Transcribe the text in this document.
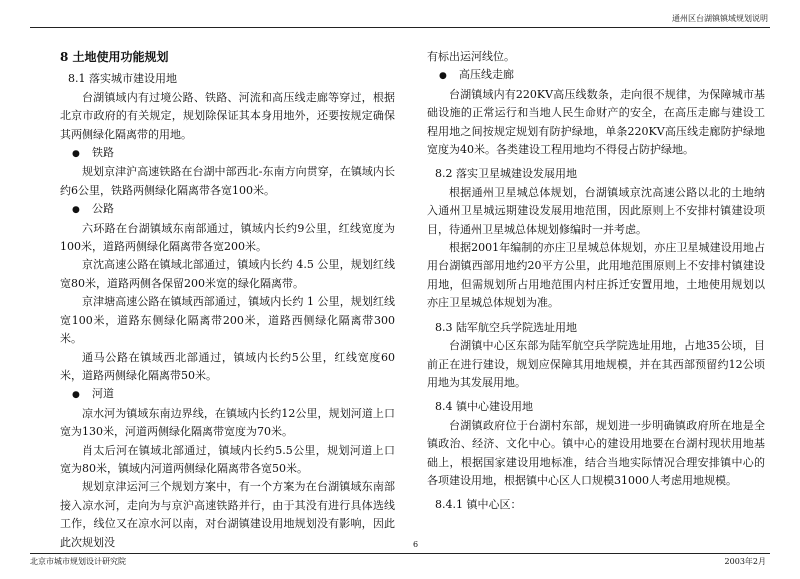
通州区台湖镇镇域规划说明

8 土地使用功能规划

8.1 落实城市建设用地

台湖镇域内有过境公路、铁路、河流和高压线走廊等穿过，根据北京市政府的有关规定，规划除保证其本身用地外，还要按规定确保其两侧绿化隔离带的用地。

● 铁路

规划京津沪高速铁路在台湖中部西北-东南方向贯穿，在镇域内长约6公里，铁路两侧绿化隔离带各宽100米。

● 公路

六环路在台湖镇域东南部通过，镇域内长约9公里，红线宽度为100米，道路两侧绿化隔离带各宽200米。

京沈高速公路在镇域北部通过，镇域内长约 4.5 公里，规划红线宽80米，道路两侧各保留200米宽的绿化隔离带。

京津塘高速公路在镇域西部通过，镇域内长约 1 公里，规划红线宽100米，道路东侧绿化隔离带200米，道路西侧绿化隔离带300米。

通马公路在镇域西北部通过，镇域内长约5公里，红线宽度60米，道路两侧绿化隔离带50米。

● 河道

凉水河为镇域东南边界线，在镇域内长约12公里，规划河道上口宽为130米，河道两侧绿化隔离带宽度为70米。

肖太后河在镇域北部通过，镇域内长约5.5公里，规划河道上口宽为80米，镇域内河道两侧绿化隔离带各宽50米。

规划京津运河三个规划方案中，有一个方案为在台湖镇域东南部接入凉水河，走向为与京沪高速铁路并行，由于其没有进行具体选线工作，线位又在凉水河以南，对台湖镇建设用地规划没有影响，因此此次规划没

有标出运河线位。

● 高压线走廊

台湖镇域内有220KV高压线数条，走向很不规律，为保障城市基础设施的正常运行和当地人民生命财产的安全，在高压走廊与建设工程用地之间按规定规划有防护绿地，单条220KV高压线走廊防护绿地宽度为40米。各类建设工程用地均不得侵占防护绿地。

8.2 落实卫星城建设发展用地

根据通州卫星城总体规划，台湖镇域京沈高速公路以北的土地纳入通州卫星城远期建设发展用地范围，因此原则上不安排村镇建设项目，待通州卫星城总体规划修编时一并考虑。

根据2001年编制的亦庄卫星城总体规划，亦庄卫星城建设用地占用台湖镇西部用地约20平方公里，此用地范围原则上不安排村镇建设用地，但需规划所占用地范围内村庄拆迁安置用地，土地使用规划以亦庄卫星城总体规划为准。

8.3 陆军航空兵学院选址用地

台湖镇中心区东部为陆军航空兵学院选址用地，占地35公顷，目前正在进行建设，规划应保障其用地规模，并在其西部预留约12公顷用地为其发展用地。

8.4 镇中心建设用地

台湖镇政府位于台湖村东部，规划进一步明确镇政府所在地是全镇政治、经济、文化中心。镇中心的建设用地要在台湖村现状用地基础上，根据国家建设用地标准，结合当地实际情况合理安排镇中心的各项建设用地，根据镇中心区人口规模31000人考虑用地规模。

8.4.1 镇中心区：

6
北京市城市规划设计研究院	2003年2月
